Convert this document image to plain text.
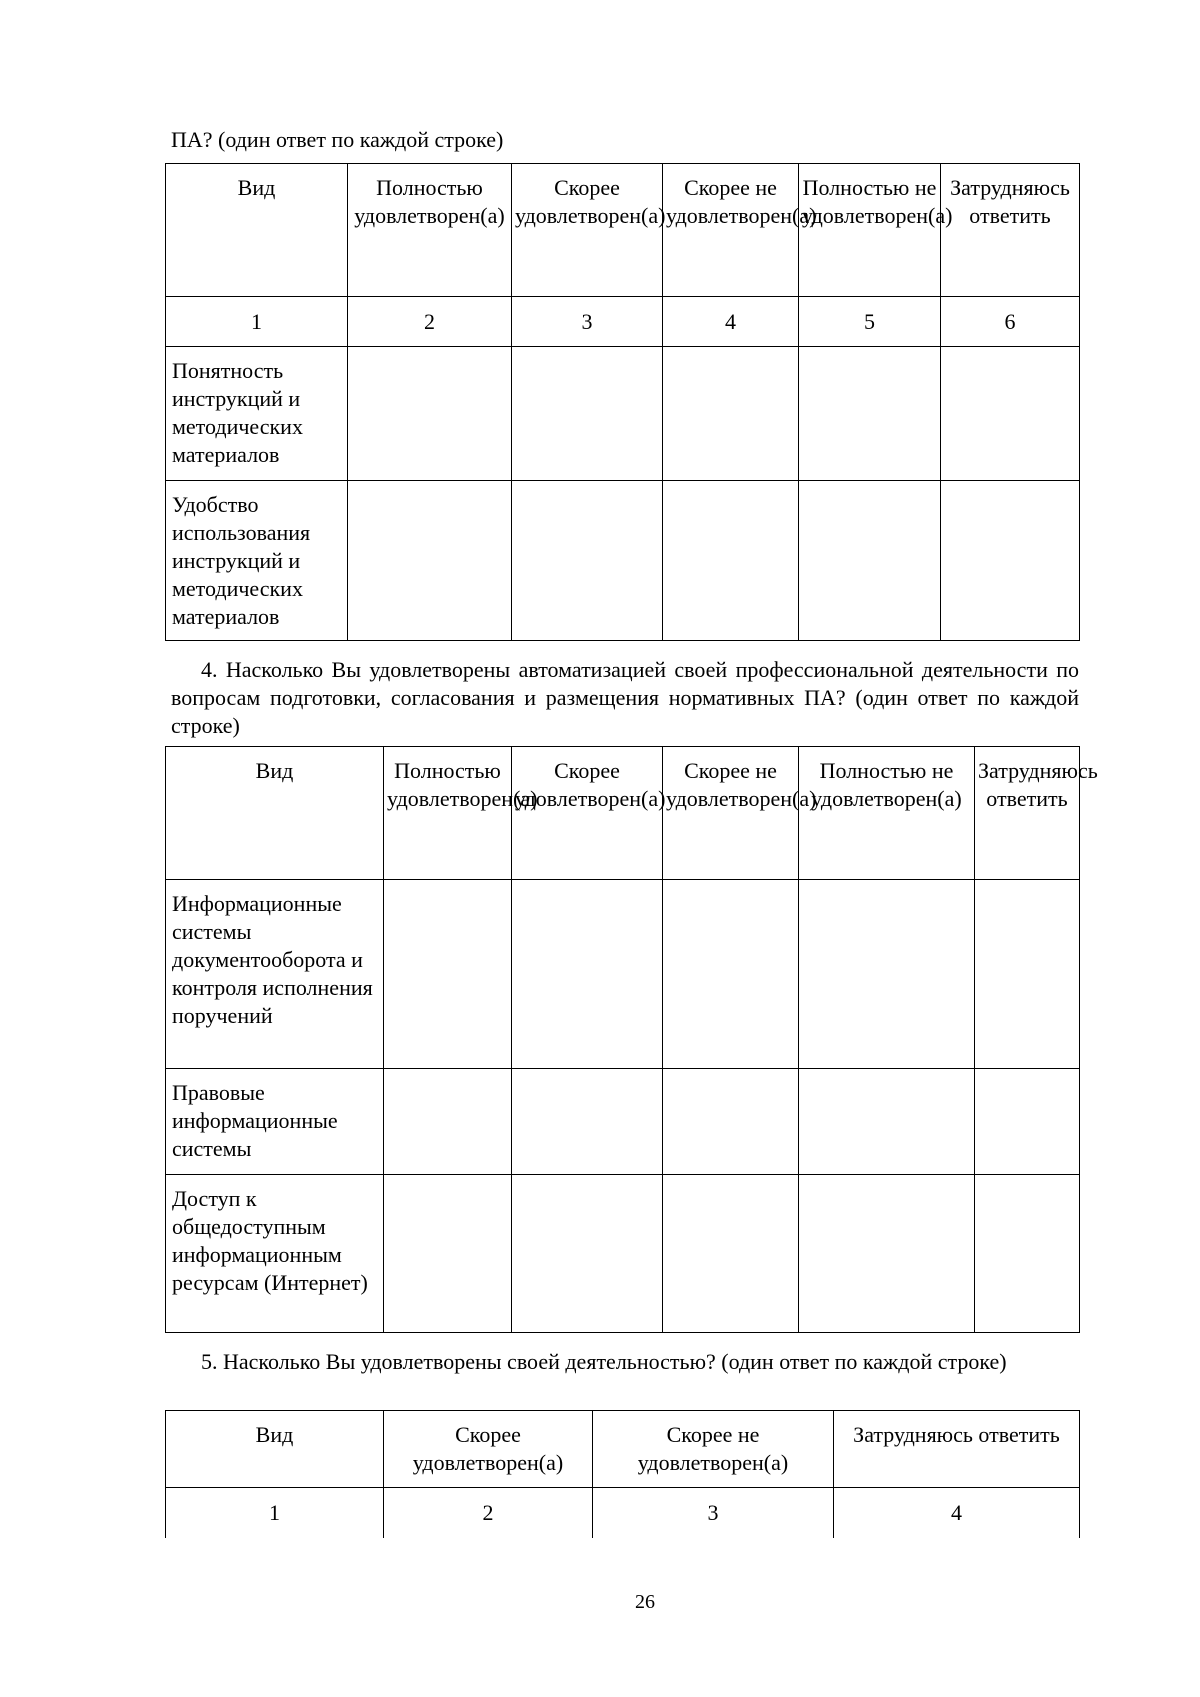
ПА? (один ответ по каждой строке)
Вид	Полностью удовлетворен(а)	Скорее удовлетворен(а)	Скорее не удовлетворен(а)	Полностью не удовлетворен(а)	Затрудняюсь ответить
1	2	3	4	5	6
Понятность инструкций и методических материалов					
Удобство использования инструкций и методических материалов					
4. Насколько Вы удовлетворены автоматизацией своей профессиональной деятельности по вопросам подготовки, согласования и размещения нормативных ПА? (один ответ по каждой строке)
Вид	Полностью удовлетворен(а)	Скорее удовлетворен(а)	Скорее не удовлетворен(а)	Полностью не удовлетворен(а)	Затрудняюсь ответить
Информационные системы документооборота и контроля исполнения поручений					
Правовые информационные системы					
Доступ к общедоступным информационным ресурсам (Интернет)					
5. Насколько Вы удовлетворены своей деятельностью? (один ответ по каждой строке)
Вид	Скорее удовлетворен(а)	Скорее не удовлетворен(а)	Затрудняюсь ответить
1	2	3	4
26
